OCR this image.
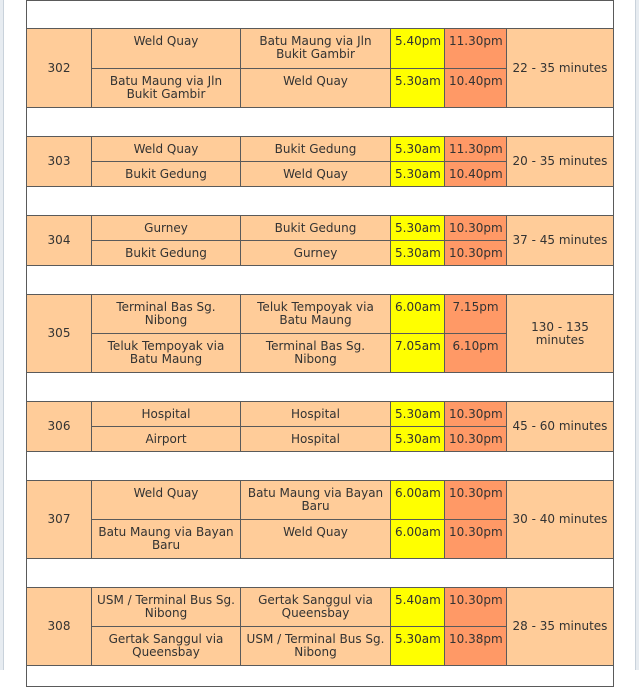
302	Weld Quay	Batu Maung via Jln Bukit Gambir	5.40pm	11.30pm	22 - 35 minutes
	Batu Maung via Jln Bukit Gambir	Weld Quay	5.30am	10.40pm	

303	Weld Quay	Bukit Gedung	5.30am	11.30pm	20 - 35 minutes
	Bukit Gedung	Weld Quay	5.30am	10.40pm	

304	Gurney	Bukit Gedung	5.30am	10.30pm	37 - 45 minutes
	Bukit Gedung	Gurney	5.30am	10.30pm	

305	Terminal Bas Sg. Nibong	Teluk Tempoyak via Batu Maung	6.00am	7.15pm	130 - 135 minutes
	Teluk Tempoyak via Batu Maung	Terminal Bas Sg. Nibong	7.05am	6.10pm	

306	Hospital	Hospital	5.30am	10.30pm	45 - 60 minutes
	Airport	Hospital	5.30am	10.30pm	

307	Weld Quay	Batu Maung via Bayan Baru	6.00am	10.30pm	30 - 40 minutes
	Batu Maung via Bayan Baru	Weld Quay	6.00am	10.30pm	

308	USM / Terminal Bus Sg. Nibong	Gertak Sanggul via Queensbay	5.40am	10.30pm	28 - 35 minutes
	Gertak Sanggul via Queensbay	USM / Terminal Bus Sg. Nibong	5.30am	10.38pm	
